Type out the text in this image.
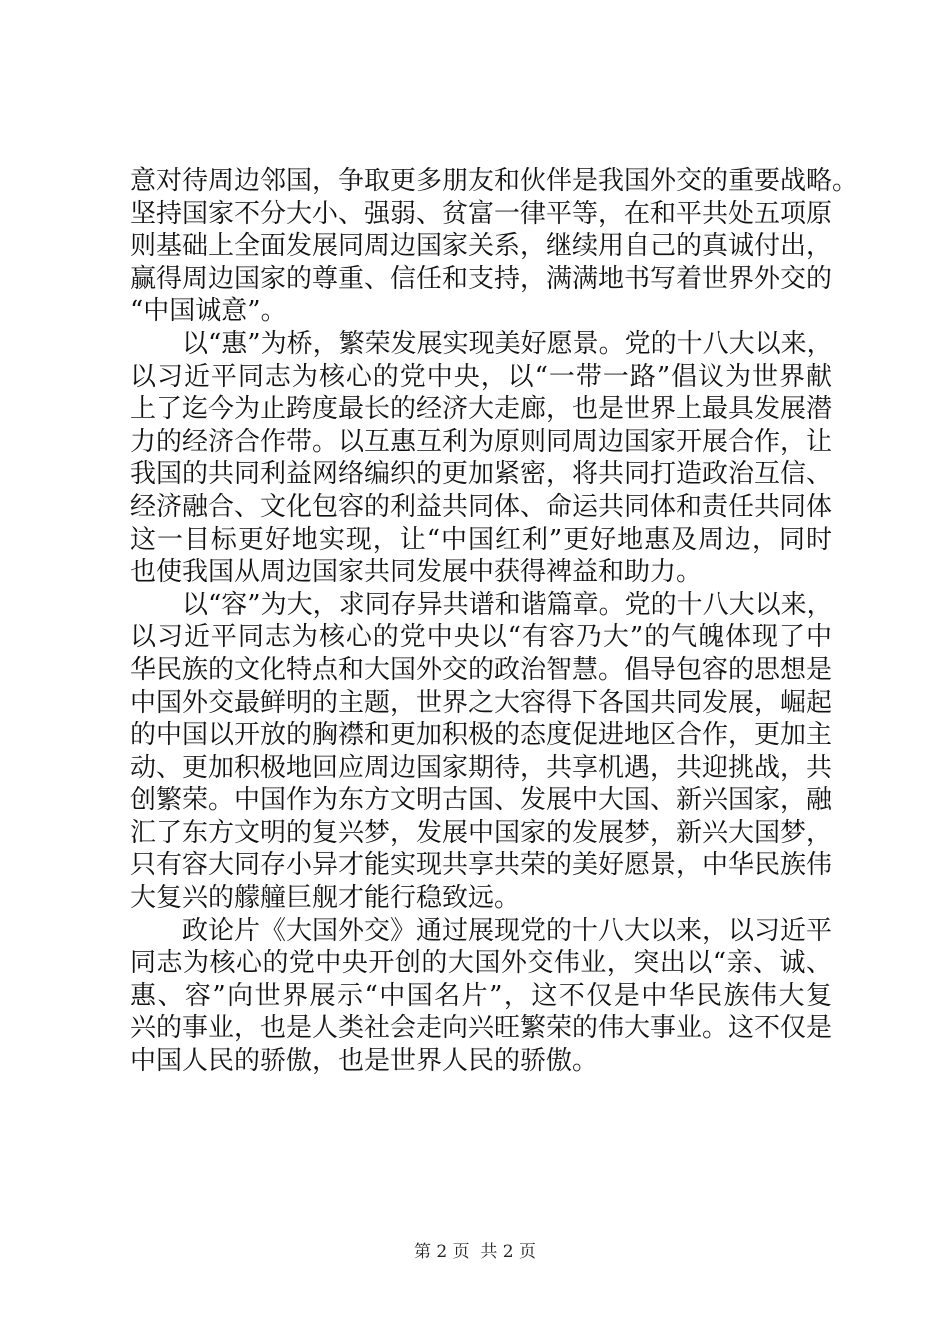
意对待周边邻国，争取更多朋友和伙伴是我国外交的重要战略。
坚持国家不分大小、强弱、贫富一律平等，在和平共处五项原
则基础上全面发展同周边国家关系，继续用自己的真诚付出，
赢得周边国家的尊重、信任和支持，满满地书写着世界外交的
“中国诚意”。
以“惠”为桥，繁荣发展实现美好愿景。党的十八大以来，
以习近平同志为核心的党中央，以“一带一路”倡议为世界献
上了迄今为止跨度最长的经济大走廊，也是世界上最具发展潜
力的经济合作带。以互惠互利为原则同周边国家开展合作，让
我国的共同利益网络编织的更加紧密，将共同打造政治互信、
经济融合、文化包容的利益共同体、命运共同体和责任共同体
这一目标更好地实现，让“中国红利”更好地惠及周边，同时
也使我国从周边国家共同发展中获得裨益和助力。
以“容”为大，求同存异共谱和谐篇章。党的十八大以来，
以习近平同志为核心的党中央以“有容乃大”的气魄体现了中
华民族的文化特点和大国外交的政治智慧。倡导包容的思想是
中国外交最鲜明的主题，世界之大容得下各国共同发展，崛起
的中国以开放的胸襟和更加积极的态度促进地区合作，更加主
动、更加积极地回应周边国家期待，共享机遇，共迎挑战，共
创繁荣。中国作为东方文明古国、发展中大国、新兴国家，融
汇了东方文明的复兴梦，发展中国家的发展梦，新兴大国梦，
只有容大同存小异才能实现共享共荣的美好愿景，中华民族伟
大复兴的艨艟巨舰才能行稳致远。
政论片《大国外交》通过展现党的十八大以来，以习近平
同志为核心的党中央开创的大国外交伟业，突出以“亲、诚、
惠、容”向世界展示“中国名片”，这不仅是中华民族伟大复
兴的事业，也是人类社会走向兴旺繁荣的伟大事业。这不仅是
中国人民的骄傲，也是世界人民的骄傲。
第 2 页 共 2 页
